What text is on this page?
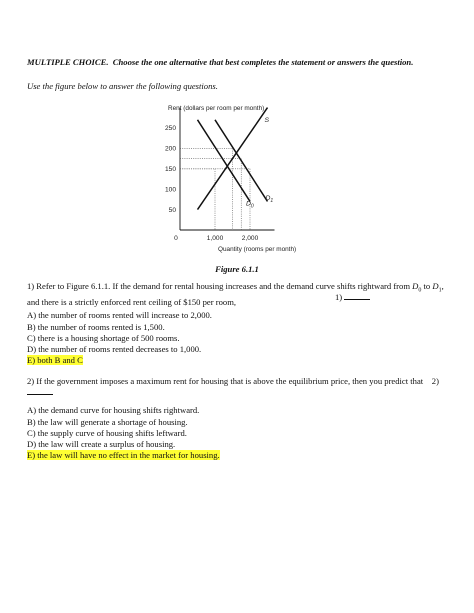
MULTIPLE CHOICE. Choose the one alternative that best completes the statement or answers the question.
Use the figure below to answer the following questions.
Rent (dollars per room per month)
50
100
150
200
250
0	1,000	2,000
S
$D_0$
$D_1$
Quantity (rooms per month)
Figure 6.1.1
1) Refer to Figure 6.1.1. If the demand for rental housing increases and the demand curve shifts rightward from $D_0$ to $D_1$, and there is a strictly enforced rent ceiling of $150 per room,	1)
A) the number of rooms rented will increase to 2,000.
B) the number of rooms rented is 1,500.
C) there is a housing shortage of 500 rooms.
D) the number of rooms rented decreases to 1,000.
E) both B and C
2) If the government imposes a maximum rent for housing that is above the equilibrium price, then you predict that 2)
A) the demand curve for housing shifts rightward.
B) the law will generate a shortage of housing.
C) the supply curve of housing shifts leftward.
D) the law will create a surplus of housing.
E) the law will have no effect in the market for housing.
